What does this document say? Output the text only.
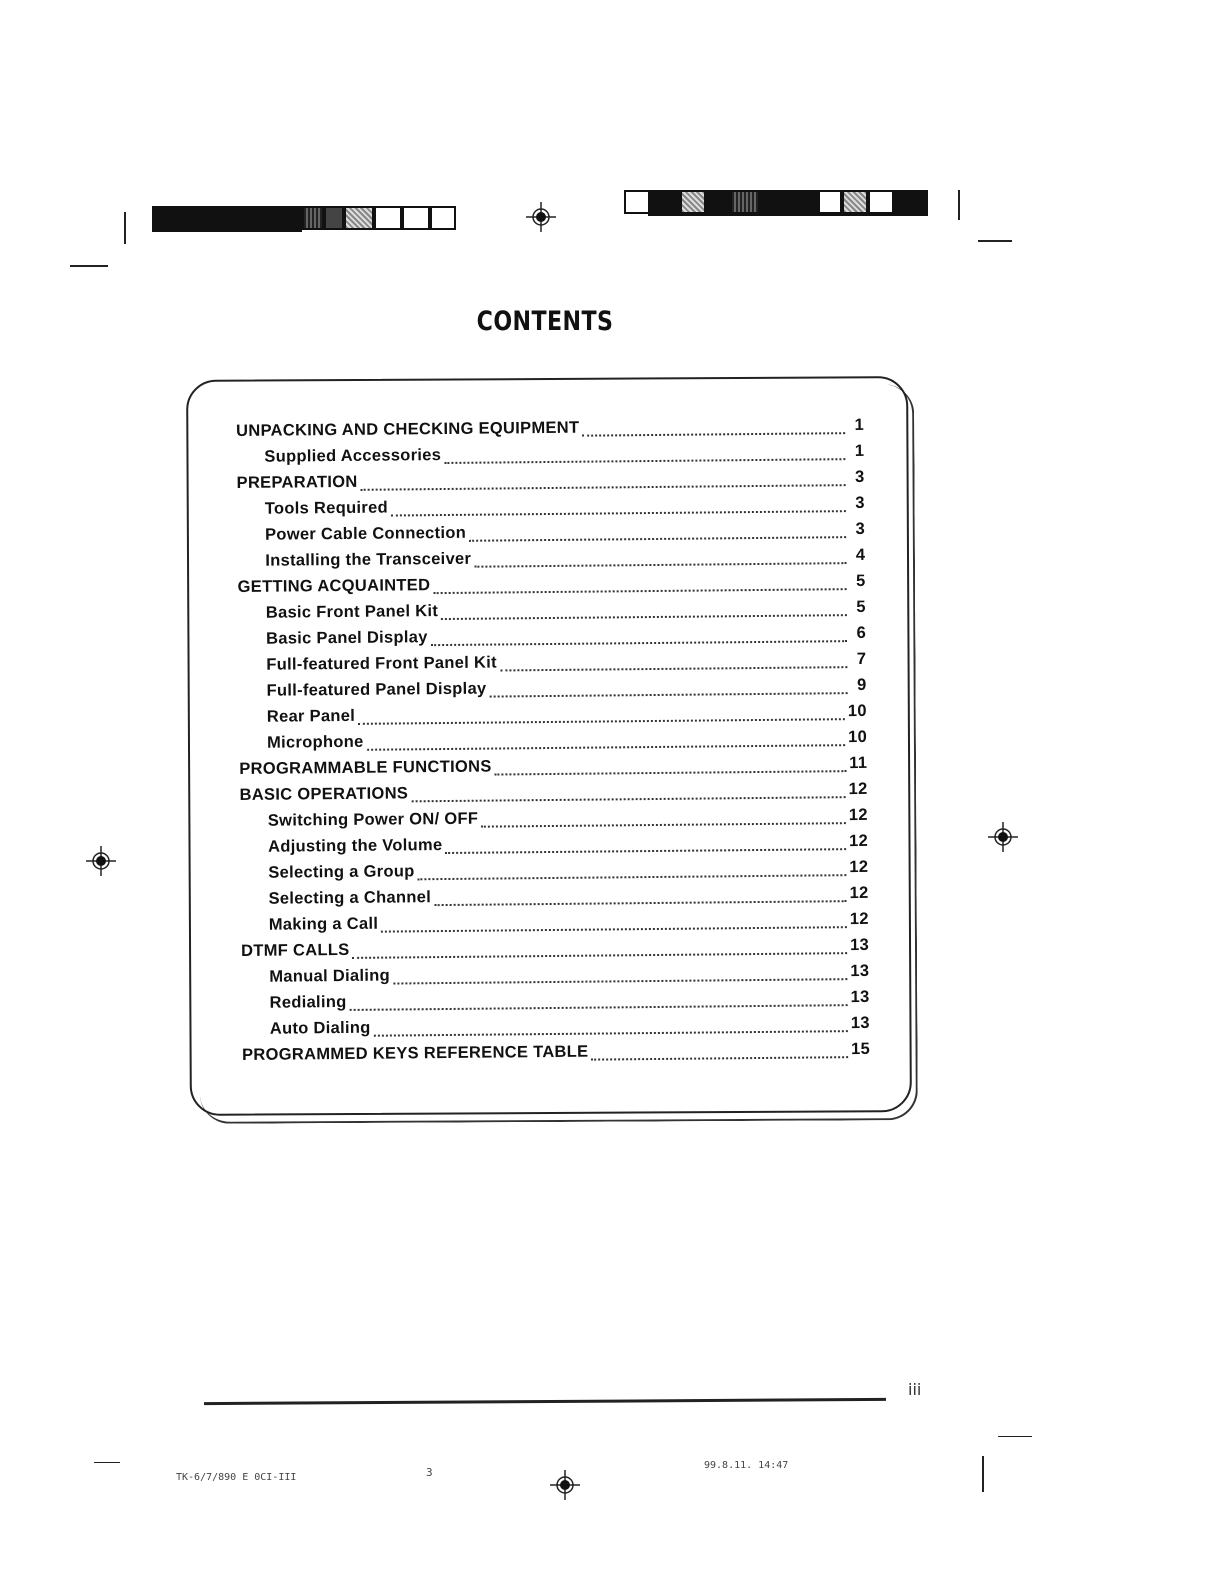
CONTENTS
UNPACKING AND CHECKING EQUIPMENT	1
Supplied Accessories	1
PREPARATION	3
Tools Required	3
Power Cable Connection	3
Installing the Transceiver	4
GETTING ACQUAINTED	5
Basic Front Panel Kit	5
Basic Panel Display	6
Full-featured Front Panel Kit	7
Full-featured Panel Display	9
Rear Panel	10
Microphone	10
PROGRAMMABLE FUNCTIONS	11
BASIC OPERATIONS	12
Switching Power ON/ OFF	12
Adjusting the Volume	12
Selecting a Group	12
Selecting a Channel	12
Making a Call	12
DTMF CALLS	13
Manual Dialing	13
Redialing	13
Auto Dialing	13
PROGRAMMED KEYS REFERENCE TABLE	15
iii
TK-6/7/890 E 0CI-III	3
99.8.11. 14:47
